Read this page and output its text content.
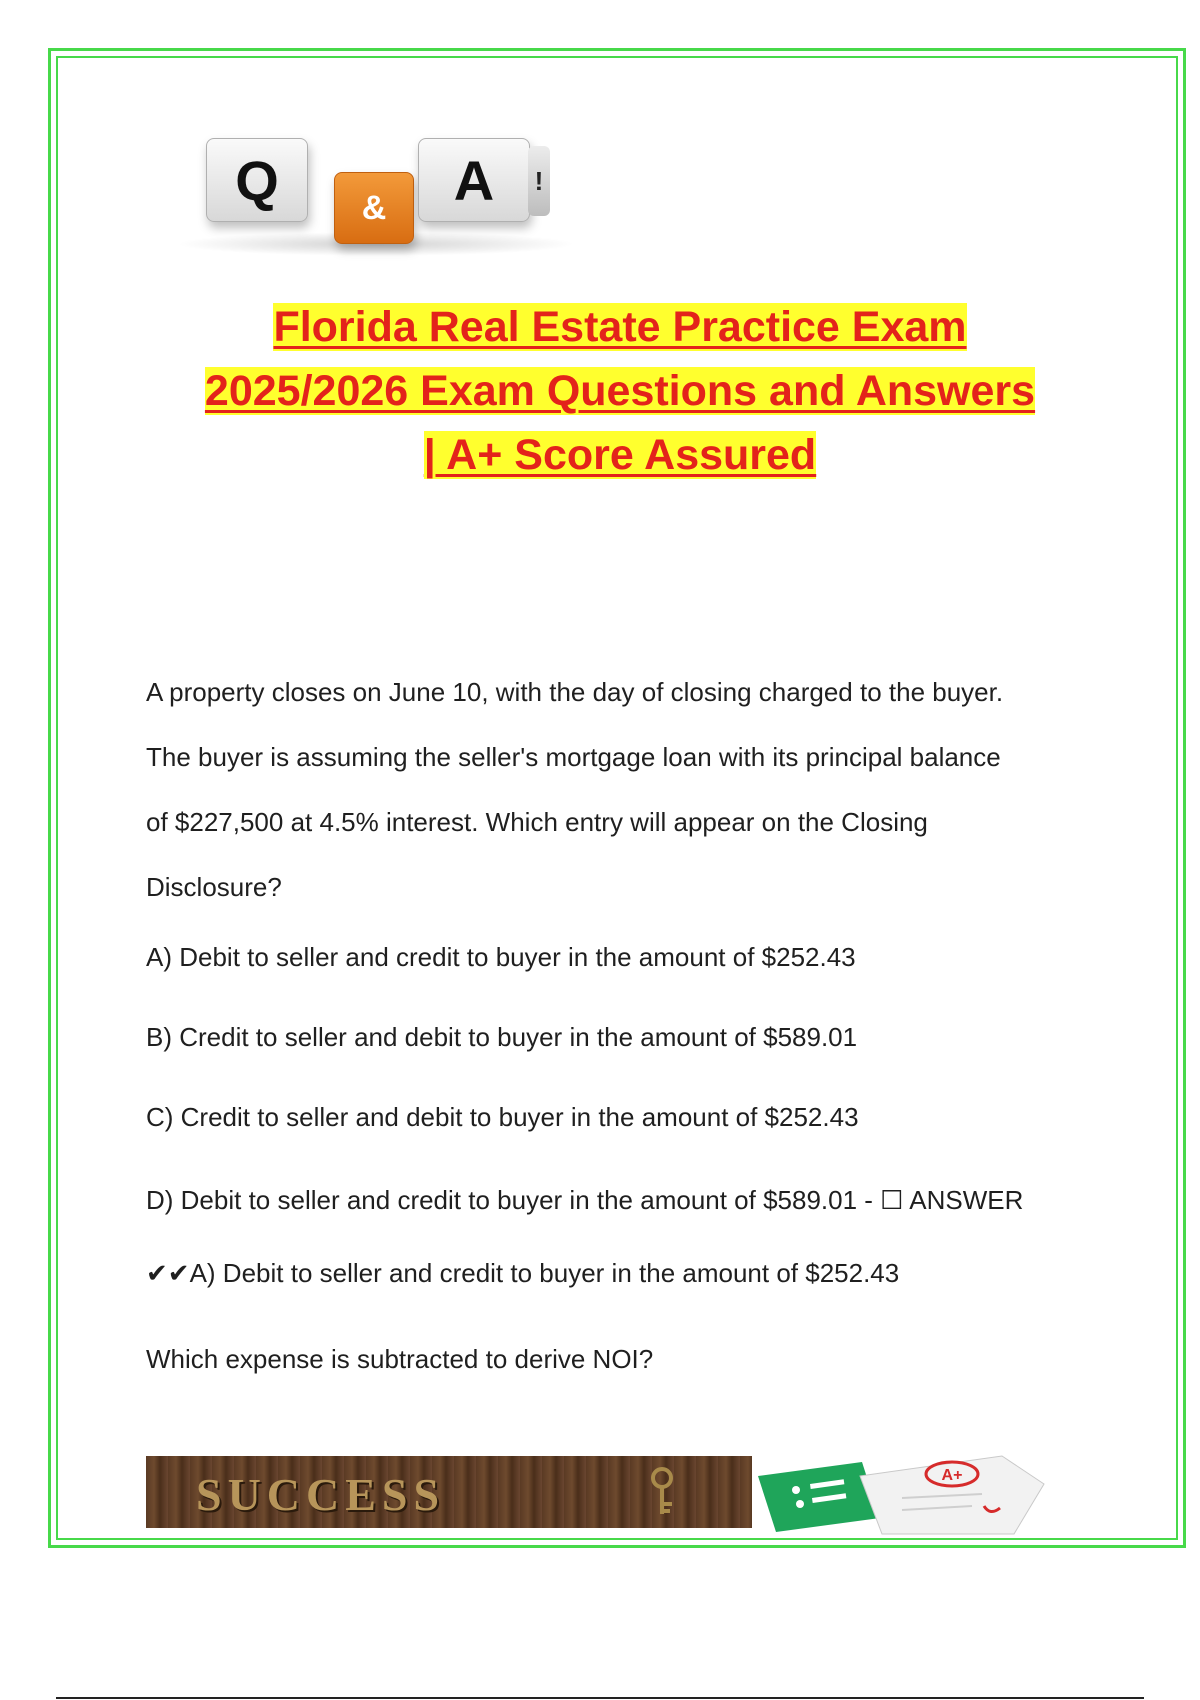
Q	&	A	!
Florida Real Estate Practice Exam
2025/2026 Exam Questions and Answers
| A+ Score Assured
A property closes on June 10, with the day of closing charged to the buyer.
The buyer is assuming the seller's mortgage loan with its principal balance
of $227,500 at 4.5% interest. Which entry will appear on the Closing
Disclosure?
A) Debit to seller and credit to buyer in the amount of $252.43
B) Credit to seller and debit to buyer in the amount of $589.01
C) Credit to seller and debit to buyer in the amount of $252.43
D) Debit to seller and credit to buyer in the amount of $589.01 - ☐ ANSWER
✔✔A) Debit to seller and credit to buyer in the amount of $252.43
Which expense is subtracted to derive NOI?
SUCCESS	A+
